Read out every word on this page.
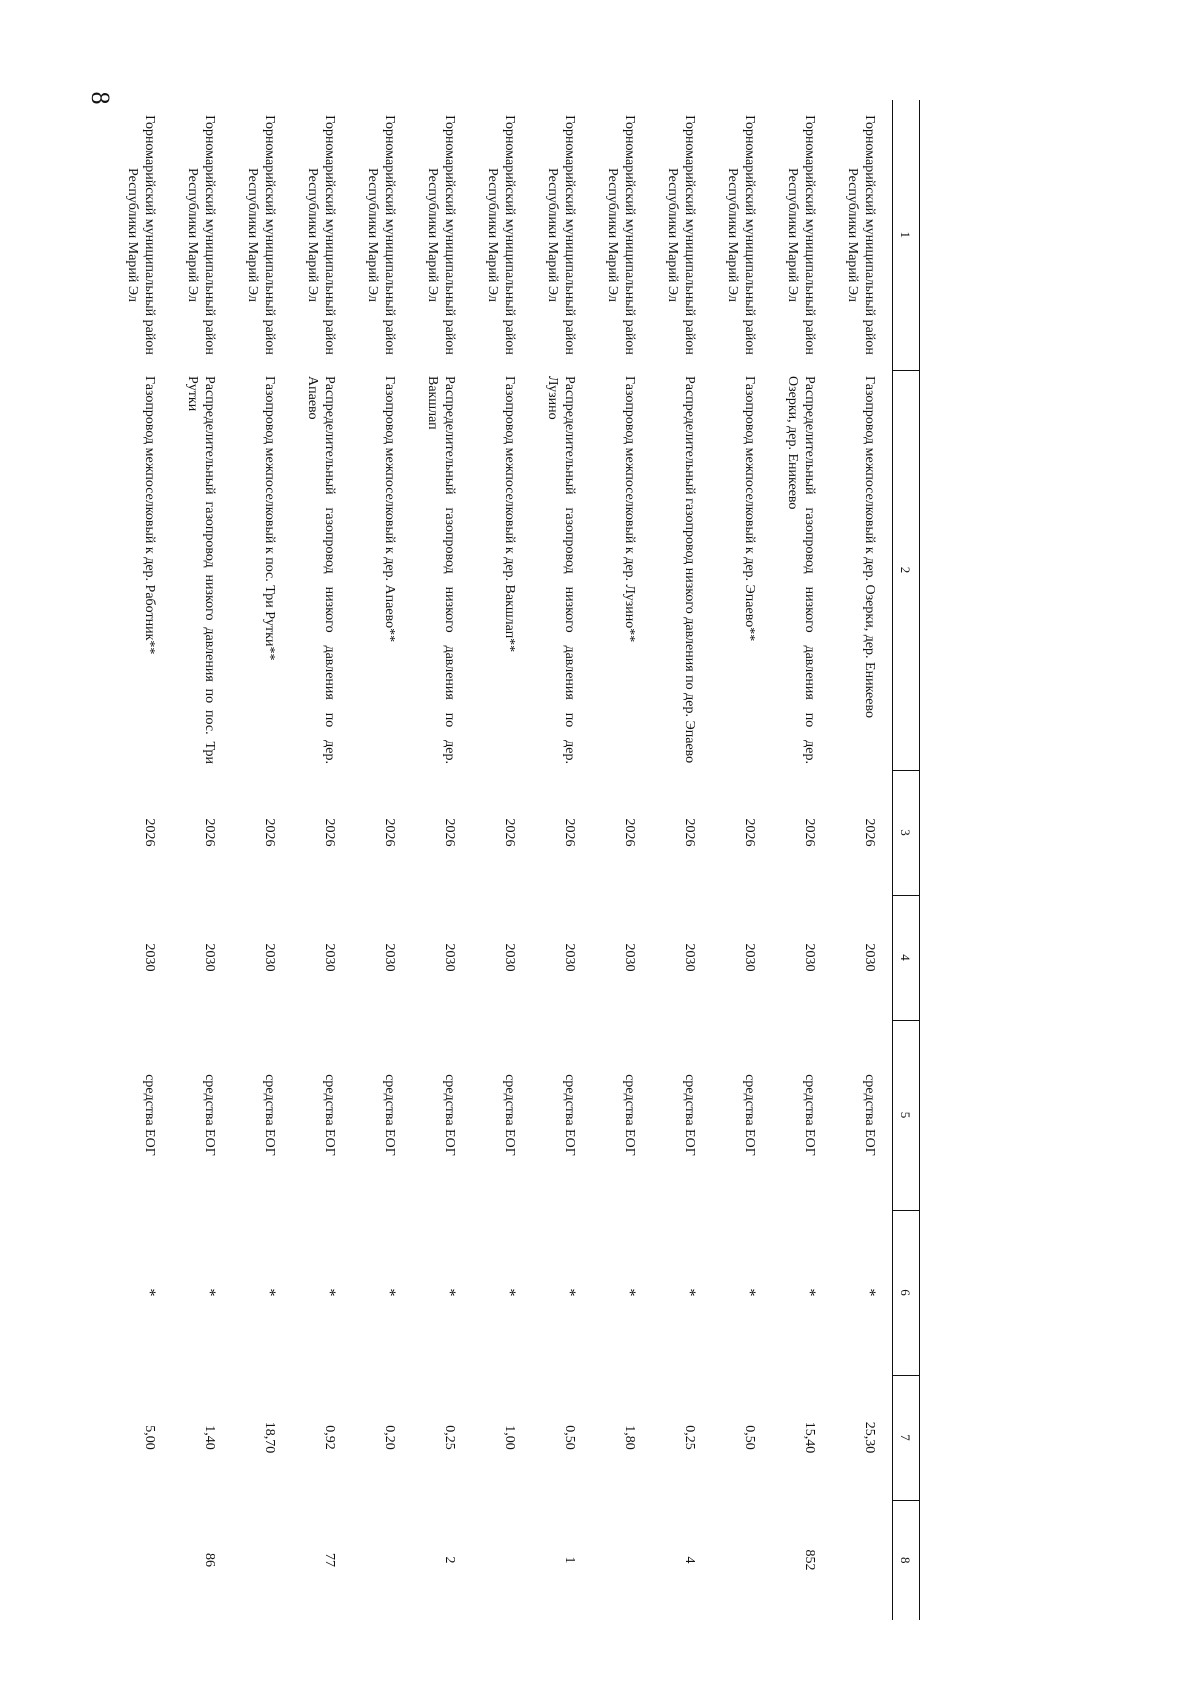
8
1	2	3	4	5	6	7	8
Горномарийский муниципальный район Республики Марий Эл	Газопровод межпоселковый к дер. Озерки, дер. Еникеево	2026	2030	средства ЕОГ	*	25,30	
Горномарийский муниципальный район Республики Марий Эл	Распределительный газопровод низкого давления по дер. Озерки, дер. Еникеево	2026	2030	средства ЕОГ	*	15,40	852
Горномарийский муниципальный район Республики Марий Эл	Газопровод межпоселковый к дер. Эпаево**	2026	2030	средства ЕОГ	*	0,50	
Горномарийский муниципальный район Республики Марий Эл	Распределительный газопровод низкого давления по дер. Эпаево	2026	2030	средства ЕОГ	*	0,25	4
Горномарийский муниципальный район Республики Марий Эл	Газопровод межпоселковый к дер. Лузино**	2026	2030	средства ЕОГ	*	1,80	
Горномарийский муниципальный район Республики Марий Эл	Распределительный газопровод низкого давления по дер. Лузино	2026	2030	средства ЕОГ	*	0,50	1
Горномарийский муниципальный район Республики Марий Эл	Газопровод межпоселковый к дер. Вакшлап**	2026	2030	средства ЕОГ	*	1,00	
Горномарийский муниципальный район Республики Марий Эл	Распределительный газопровод низкого давления по дер. Вакшлап	2026	2030	средства ЕОГ	*	0,25	2
Горномарийский муниципальный район Республики Марий Эл	Газопровод межпоселковый к дер. Апаево**	2026	2030	средства ЕОГ	*	0,20	
Горномарийский муниципальный район Республики Марий Эл	Распределительный газопровод низкого давления по дер. Апаево	2026	2030	средства ЕОГ	*	0,92	77
Горномарийский муниципальный район Республики Марий Эл	Газопровод межпоселковый к пос. Три Рутки**	2026	2030	средства ЕОГ	*	18,70	
Горномарийский муниципальный район Республики Марий Эл	Распределительный газопровод низкого давления по пос. Три Рутки	2026	2030	средства ЕОГ	*	1,40	86
Горномарийский муниципальный район Республики Марий Эл	Газопровод межпоселковый к дер. Работник**	2026	2030	средства ЕОГ	*	5,00	
